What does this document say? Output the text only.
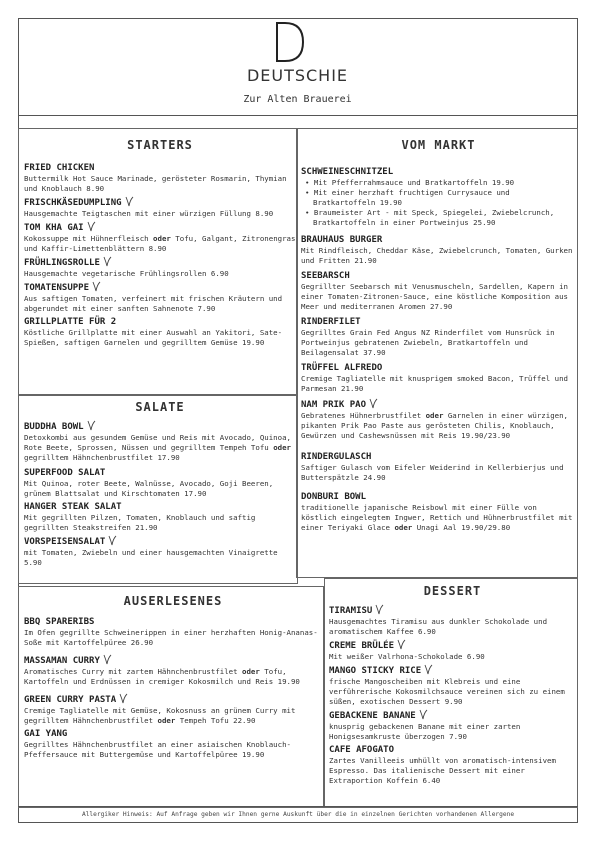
DEUTSCHIE
Zur Alten Brauerei
STARTERS

FRIED CHICKEN

Buttermilk Hot Sauce Marinade, gerösteter Rosmarin, Thymian und Knoblauch 8.90

FRISCHKÄSEDUMPLING

Hausgemachte Teigtaschen mit einer würzigen Füllung 8.90

TOM KHA GAI

Kokossuppe mit Hühnerfleisch oder Tofu, Galgant, Zitronengras und Kaffir-Limettenblättern 8.90

FRÜHLINGSROLLE

Hausgemachte vegetarische Frühlingsrollen 6.90

TOMATENSUPPE

Aus saftigen Tomaten, verfeinert mit frischen Kräutern und abgerundet mit einer sanften Sahnenote 7.90

GRILLPLATTE FÜR 2

Köstliche Grillplatte mit einer Auswahl an Yakitori, Sate-Spießen, saftigen Garnelen und gegrilltem Gemüse 19.90

SALATE

BUDDHA BOWL

Detoxkombi aus gesundem Gemüse und Reis mit Avocado, Quinoa, Rote Beete, Sprossen, Nüssen und gegrilltem Tempeh Tofu oder gegrilltem Hähnchenbrustfilet 17.90

SUPERFOOD SALAT

Mit Quinoa, roter Beete, Walnüsse, Avocado, Goji Beeren, grünem Blattsalat und Kirschtomaten 17.90

HANGER STEAK SALAT

Mit gegrillten Pilzen, Tomaten, Knoblauch und saftig gegrillten Steakstreifen 21.90

VORSPEISENSALAT

mit Tomaten, Zwiebeln und einer hausgemachten Vinaigrette 5.90

AUSERLESENES

BBQ SPARERIBS

Im Ofen gegrillte Schweinerippen in einer herzhaften Honig-Ananas-Soße mit Kartoffelpüree 26.90

MASSAMAN CURRY

Aromatisches Curry mit zartem Hähnchenbrustfilet oder Tofu, Kartoffeln und Erdnüssen in cremiger Kokosmilch und Reis 19.90

GREEN CURRY PASTA

Cremige Tagliatelle mit Gemüse, Kokosnuss an grünem Curry mit gegrilltem Hähnchenbrustfilet oder Tempeh Tofu 22.90

GAI YANG

Gegrilltes Hähnchenbrustfilet an einer asiaischen Knoblauch-Pfeffersauce mit Buttergemüse und Kartoffelpüree 19.90

VOM MARKT

SCHWEINESCHNITZEL

• Mit Pfefferrahmsauce und Bratkartoffeln 19.90

• Mit einer herzhaft fruchtigen Currysauce und Bratkartoffeln 19.90

• Braumeister Art - mit Speck, Spiegelei, Zwiebelcrunch, Bratkartoffeln in einer Portweinjus 25.90

BRAUHAUS BURGER

Mit Rindfleisch, Cheddar Käse, Zwiebelcrunch, Tomaten, Gurken und Fritten 21.90

SEEBARSCH

Gegrillter Seebarsch mit Venusmuscheln, Sardellen, Kapern in einer Tomaten-Zitronen-Sauce, eine köstliche Komposition aus Meer und mediterranen Aromen 27.90

RINDERFILET

Gegrilltes Grain Fed Angus NZ Rinderfilet vom Hunsrück in Portweinjus gebratenen Zwiebeln, Bratkartoffeln und Beilagensalat 37.90

TRÜFFEL ALFREDO

Cremige Tagliatelle mit knusprigem smoked Bacon, Trüffel und Parmesan 21.90

NAM PRIK PAO

Gebratenes Hühnerbrustfilet oder Garnelen in einer würzigen, pikanten Prik Pao Paste aus gerösteten Chilis, Knoblauch, Gewürzen und Cashewsnüssen mit Reis 19.90/23.90

RINDERGULASCH

Saftiger Gulasch vom Eifeler Weiderind in Kellerbierjus und Butterspätzle 24.90

DONBURI BOWL

traditionelle japanische Reisbowl mit einer Fülle von köstlich eingelegtem Ingwer, Rettich und Hühnerbrustfilet mit einer Teriyaki Glace oder Unagi Aal 19.90/29.80

DESSERT

TIRAMISU

Hausgemachtes Tiramisu aus dunkler Schokolade und aromatischem Kaffee 6.90

CREME BRÜLÉE

Mit weißer Valrhona-Schokolade 6.90

MANGO STICKY RICE

frische Mangoscheiben mit Klebreis und eine verführerische Kokosmilchsauce vereinen sich zu einem süßen, exotischen Dessert 9.90

GEBACKENE BANANE

knusprig gebackenen Banane mit einer zarten Honigsesamkruste überzogen 7.90

CAFE AFOGATO

Zartes Vanilleeis umhüllt von aromatisch-intensivem Espresso. Das italienische Dessert mit einer Extraportion Koffein 6.40

Allergiker Hinweis: Auf Anfrage geben wir Ihnen gerne Auskunft über die in einzelnen Gerichten vorhandenen Allergene
